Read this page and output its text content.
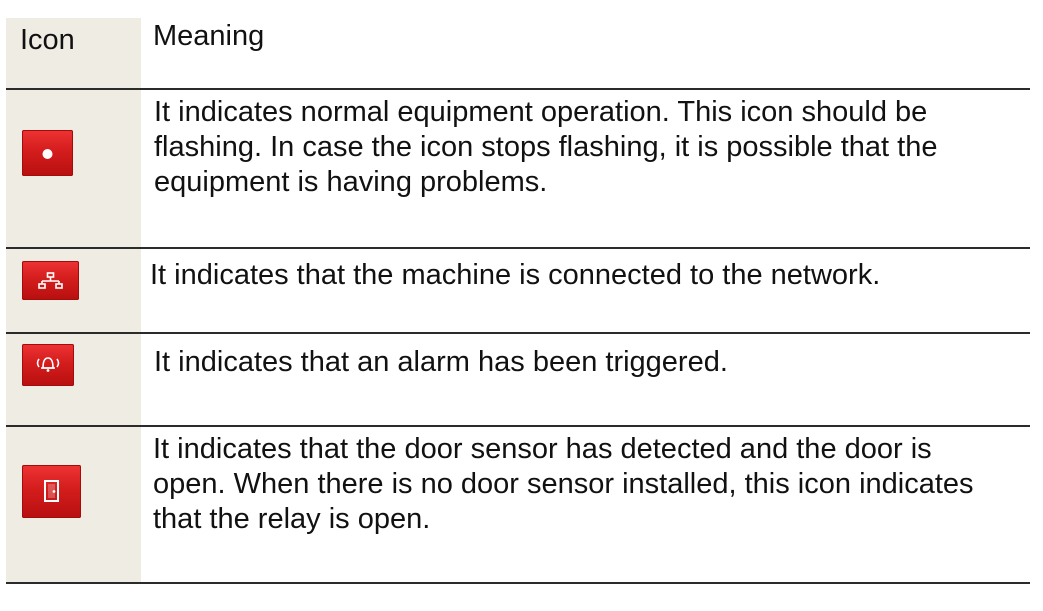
Icon	Meaning
It indicates normal equipment operation. This icon should be
flashing. In case the icon stops flashing, it is possible that the
equipment is having problems.
It indicates that the machine is connected to the network.
It indicates that an alarm has been triggered.
It indicates that the door sensor has detected and the door is
open. When there is no door sensor installed, this icon indicates
that the relay is open.
